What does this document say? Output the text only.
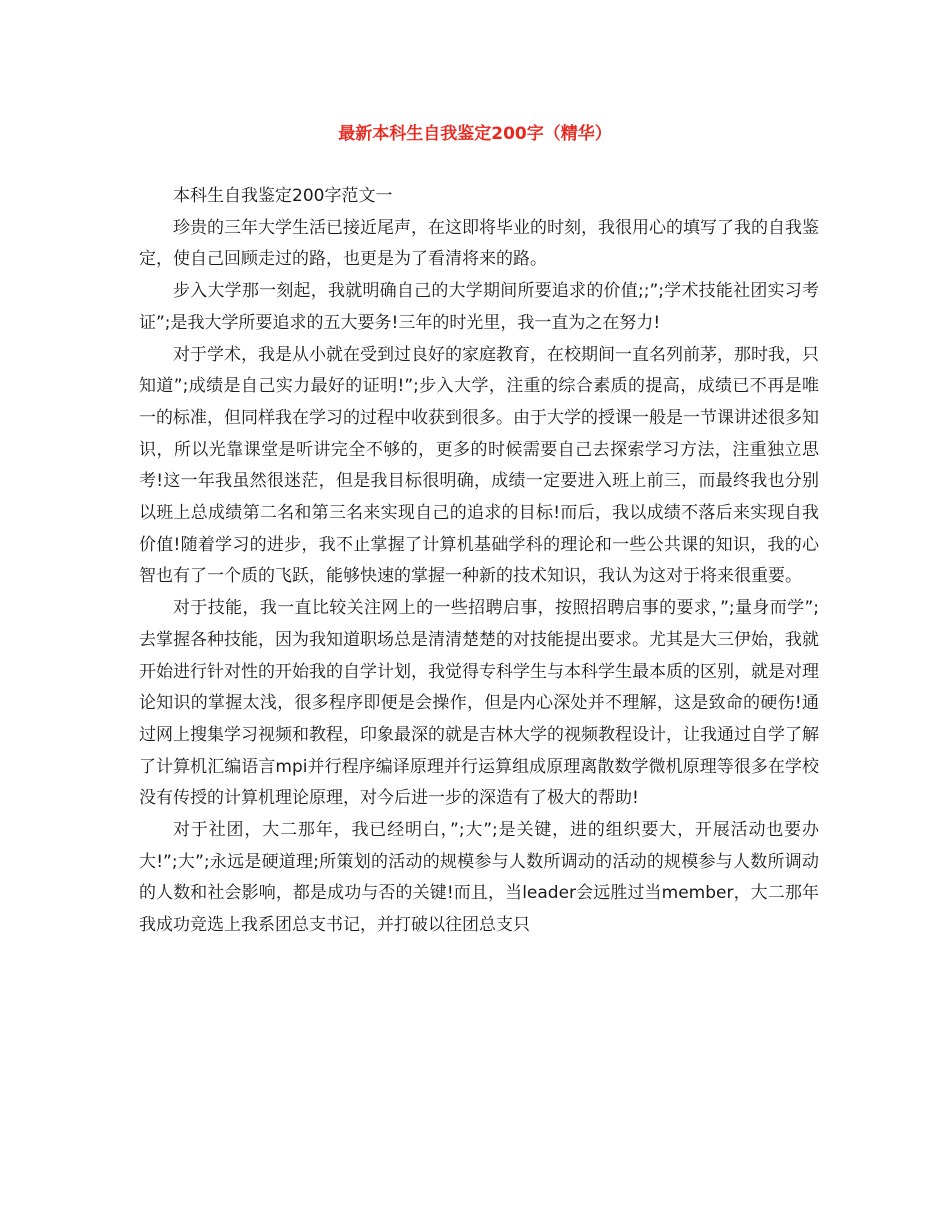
最新本科生自我鉴定200字（精华）

本科生自我鉴定200字范文一

珍贵的三年大学生活已接近尾声，在这即将毕业的时刻，我很用心的填写了我的自我鉴定，使自己回顾走过的路，也更是为了看清将来的路。

步入大学那一刻起，我就明确自己的大学期间所要追求的价值;;”;学术技能社团实习考证”;是我大学所要追求的五大要务!三年的时光里，我一直为之在努力!

对于学术，我是从小就在受到过良好的家庭教育，在校期间一直名列前茅，那时我，只知道”;成绩是自己实力最好的证明!”;步入大学，注重的综合素质的提高，成绩已不再是唯一的标准，但同样我在学习的过程中收获到很多。由于大学的授课一般是一节课讲述很多知识，所以光靠课堂是听讲完全不够的，更多的时候需要自己去探索学习方法，注重独立思考!这一年我虽然很迷茫，但是我目标很明确，成绩一定要进入班上前三，而最终我也分别以班上总成绩第二名和第三名来实现自己的追求的目标!而后，我以成绩不落后来实现自我价值!随着学习的进步，我不止掌握了计算机基础学科的理论和一些公共课的知识，我的心智也有了一个质的飞跃，能够快速的掌握一种新的技术知识，我认为这对于将来很重要。

对于技能，我一直比较关注网上的一些招聘启事，按照招聘启事的要求，”;量身而学”;去掌握各种技能，因为我知道职场总是清清楚楚的对技能提出要求。尤其是大三伊始，我就开始进行针对性的开始我的自学计划，我觉得专科学生与本科学生最本质的区别，就是对理论知识的掌握太浅，很多程序即便是会操作，但是内心深处并不理解，这是致命的硬伤!通过网上搜集学习视频和教程，印象最深的就是吉林大学的视频教程设计，让我通过自学了解了计算机汇编语言mpi并行程序编译原理并行运算组成原理离散数学微机原理等很多在学校没有传授的计算机理论原理，对今后进一步的深造有了极大的帮助!

对于社团，大二那年，我已经明白，”;大”;是关键，进的组织要大，开展活动也要办大!”;大”;永远是硬道理;所策划的活动的规模参与人数所调动的活动的规模参与人数所调动的人数和社会影响，都是成功与否的关键!而且，当leader会远胜过当member，大二那年我成功竞选上我系团总支书记，并打破以往团总支只
